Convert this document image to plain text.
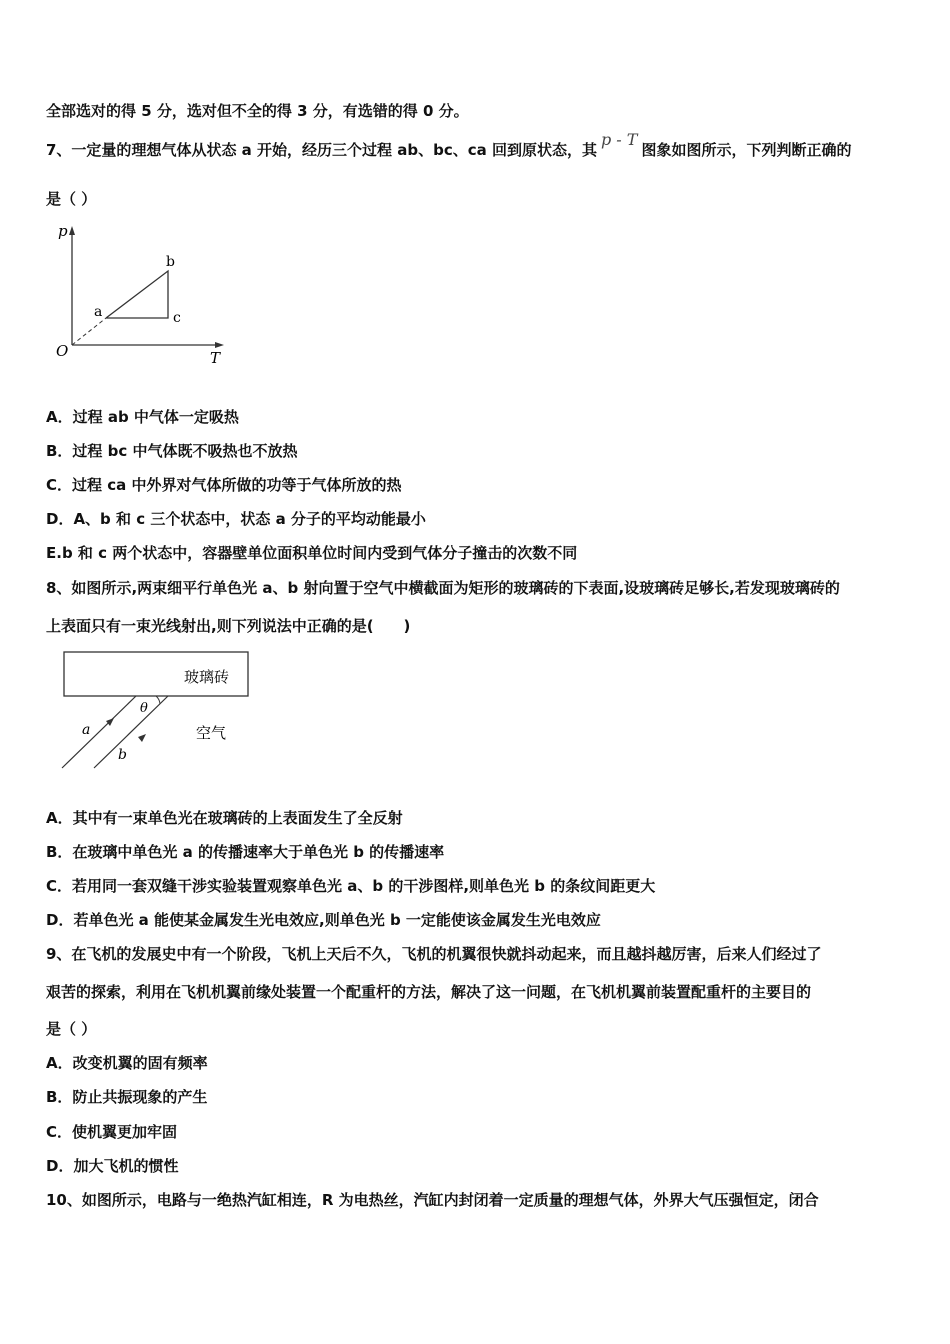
全部选对的得 5 分，选对但不全的得 3 分，有选错的得 0 分。
7、一定量的理想气体从状态 a 开始，经历三个过程 ab、bc、ca 回到原状态，其p - T图象如图所示，下列判断正确的
是（ ）
p
T
O
a
b
c
A．过程 ab 中气体一定吸热
B．过程 bc 中气体既不吸热也不放热
C．过程 ca 中外界对气体所做的功等于气体所放的热
D．A、b 和 c 三个状态中，状态 a 分子的平均动能最小
E.b 和 c 两个状态中，容器壁单位面积单位时间内受到气体分子撞击的次数不同
8、如图所示,两束细平行单色光 a、b 射向置于空气中横截面为矩形的玻璃砖的下表面,设玻璃砖足够长,若发现玻璃砖的
上表面只有一束光线射出,则下列说法中正确的是(　　)
玻璃砖
θ
a
b
空气
A．其中有一束单色光在玻璃砖的上表面发生了全反射
B．在玻璃中单色光 a 的传播速率大于单色光 b 的传播速率
C．若用同一套双缝干涉实验装置观察单色光 a、b 的干涉图样,则单色光 b 的条纹间距更大
D．若单色光 a 能使某金属发生光电效应,则单色光 b 一定能使该金属发生光电效应
9、在飞机的发展史中有一个阶段，飞机上天后不久，飞机的机翼很快就抖动起来，而且越抖越厉害，后来人们经过了
艰苦的探索，利用在飞机机翼前缘处装置一个配重杆的方法，解决了这一问题，在飞机机翼前装置配重杆的主要目的
是（ ）
A．改变机翼的固有频率
B．防止共振现象的产生
C．使机翼更加牢固
D．加大飞机的惯性
10、如图所示，电路与一绝热汽缸相连，R 为电热丝，汽缸内封闭着一定质量的理想气体，外界大气压强恒定，闭合
